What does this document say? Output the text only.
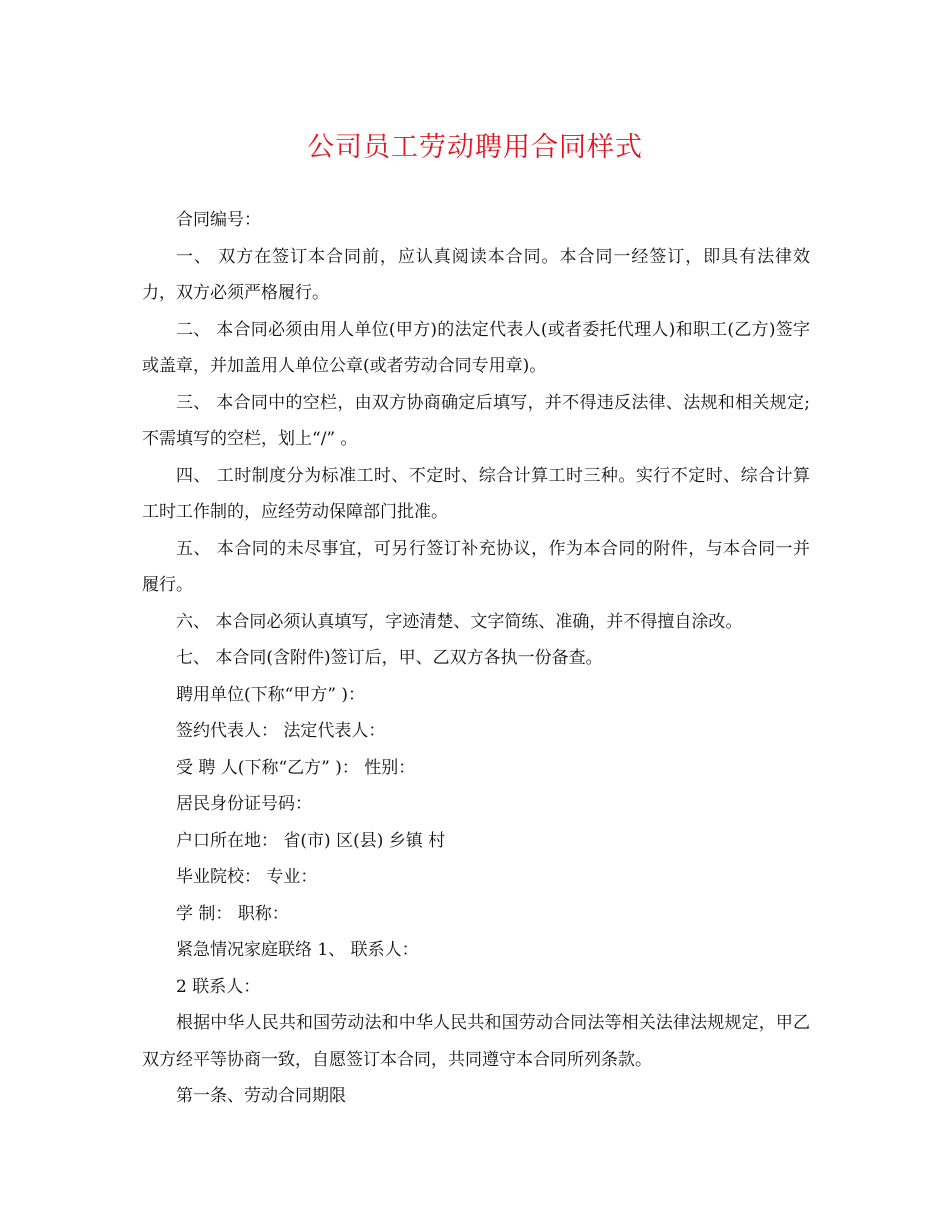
公司员工劳动聘用合同样式

合同编号：

一、 双方在签订本合同前，应认真阅读本合同。本合同一经签订，即具有法律效力，双方必须严格履行。

二、 本合同必须由用人单位(甲方)的法定代表人(或者委托代理人)和职工(乙方)签字或盖章，并加盖用人单位公章(或者劳动合同专用章)。

三、 本合同中的空栏，由双方协商确定后填写，并不得违反法律、法规和相关规定;不需填写的空栏，划上“/” 。

四、 工时制度分为标准工时、不定时、综合计算工时三种。实行不定时、综合计算工时工作制的，应经劳动保障部门批准。

五、 本合同的未尽事宜，可另行签订补充协议，作为本合同的附件，与本合同一并履行。

六、 本合同必须认真填写，字迹清楚、文字简练、准确，并不得擅自涂改。

七、 本合同(含附件)签订后，甲、乙双方各执一份备查。

聘用单位(下称“甲方” )：

签约代表人： 法定代表人：

受 聘 人(下称“乙方” )： 性别：

居民身份证号码：

户口所在地： 省(市) 区(县) 乡镇 村

毕业院校： 专业：

学 制： 职称：

紧急情况家庭联络 1、 联系人：

2 联系人：

根据中华人民共和国劳动法和中华人民共和国劳动合同法等相关法律法规规定，甲乙双方经平等协商一致，自愿签订本合同，共同遵守本合同所列条款。

第一条、劳动合同期限
